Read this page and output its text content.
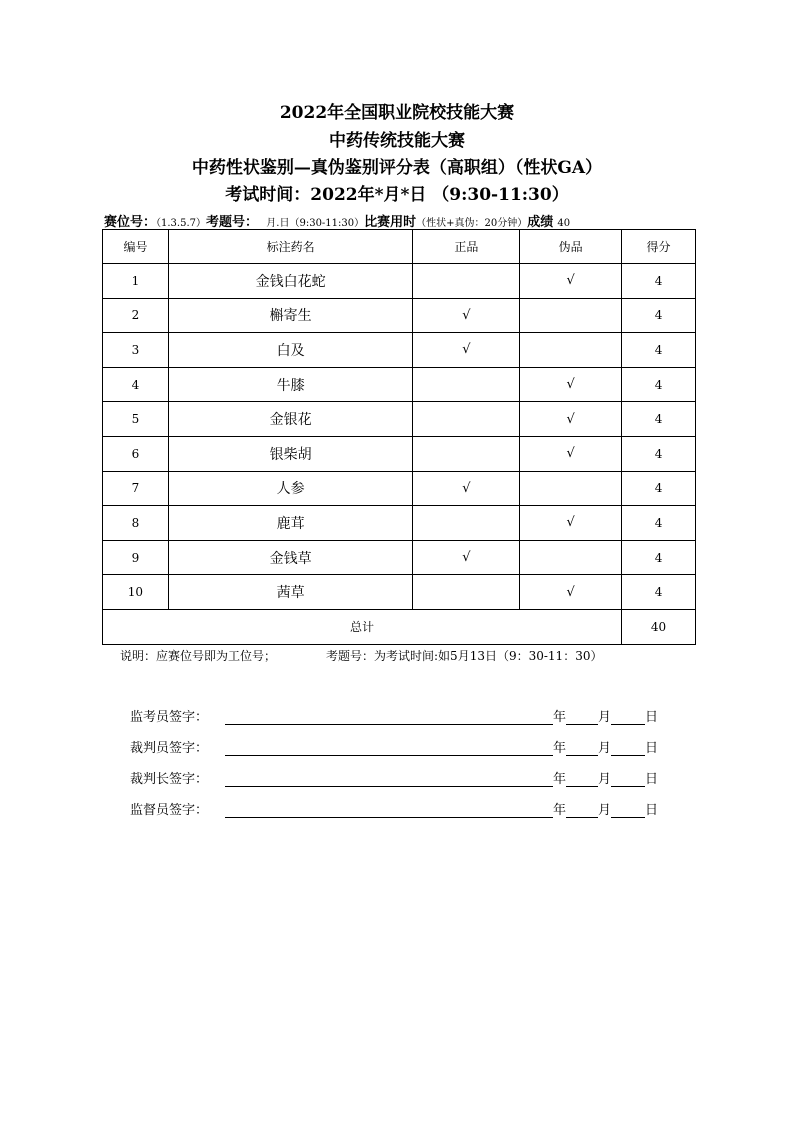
2022年全国职业院校技能大赛
中药传统技能大赛
中药性状鉴别—真伪鉴别评分表（高职组）（性状GA）
考试时间：2022年*月*日 （9:30-11:30）
赛位号：（1.3.5.7）考题号： 月.日（9:30-11:30）比赛用时（性状+真伪：20分钟）成绩 40
编号	标注药名	正品	伪品	得分
1	金钱白花蛇		√	4
2	槲寄生	√		4
3	白及	√		4
4	牛膝		√	4
5	金银花		√	4
6	银柴胡		√	4
7	人参	√		4
8	鹿茸		√	4
9	金钱草	√		4
10	茜草		√	4
总计				40
说明：应赛位号即为工位号；	考题号：为考试时间:如5月13日（9：30-11：30）
监考员签字：	年 月	日
裁判员签字：	年 月	日
裁判长签字：	年 月	日
监督员签字：	年 月	日
